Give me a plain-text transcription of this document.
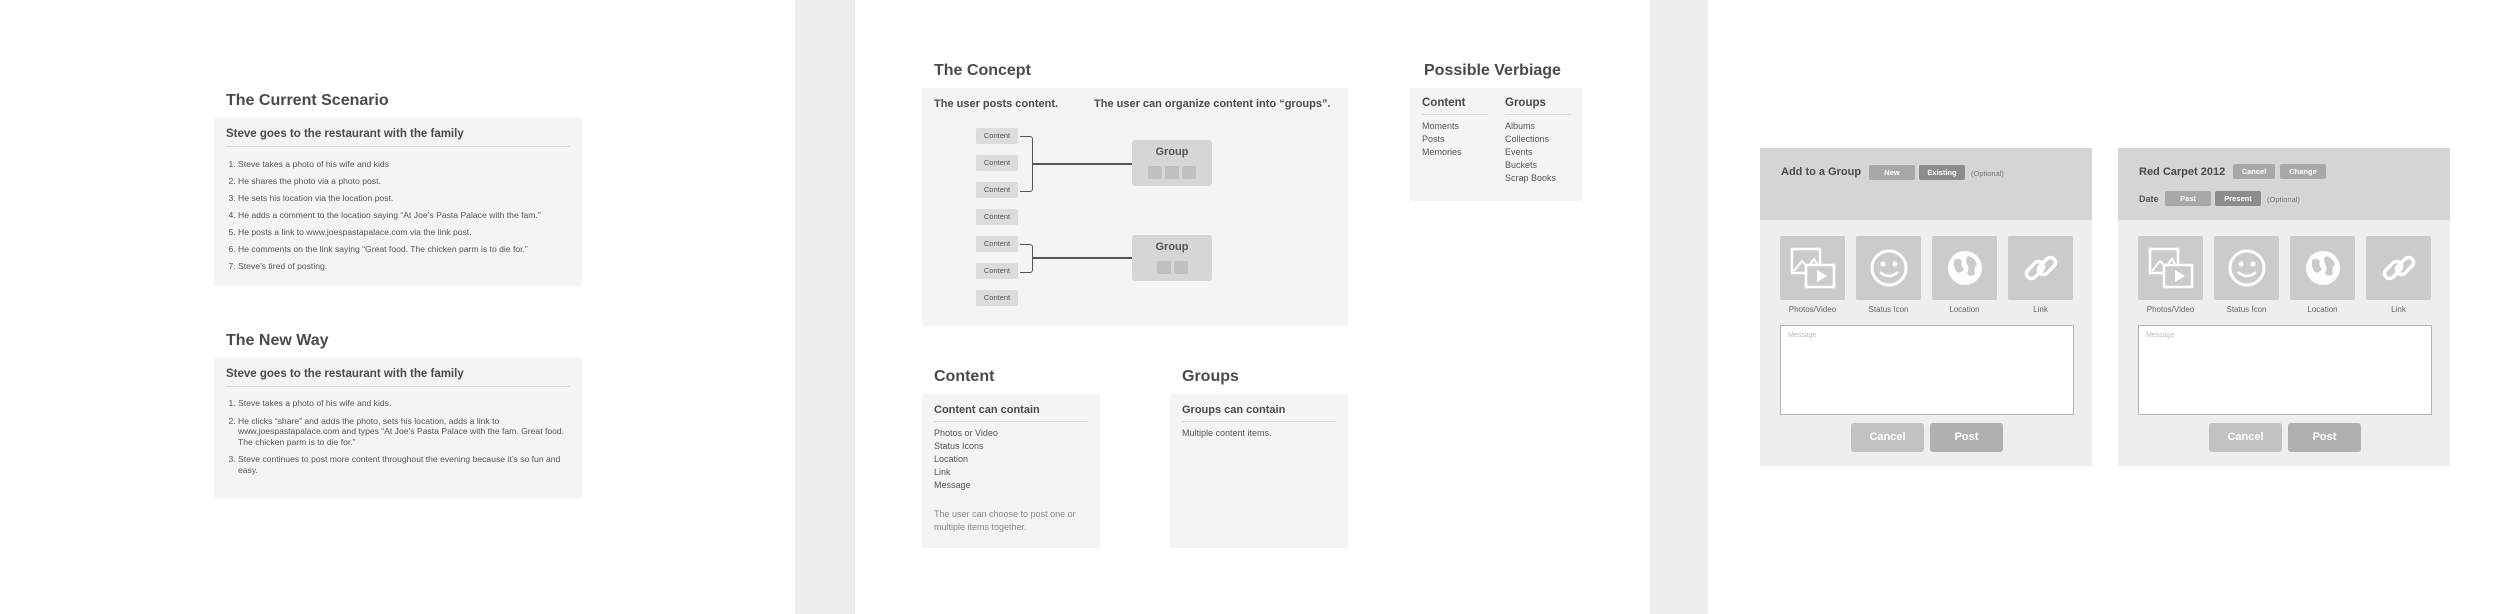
The Current Scenario
Steve goes to the restaurant with the family
1. Steve takes a photo of his wife and kids
2. He shares the photo via a photo post.
3. He sets his location via the location post.
4. He adds a comment to the location saying “At Joe’s Pasta Palace with the fam.”
5. He posts a link to www.joespastapalace.com via the link post.
6. He comments on the link saying “Great food. The chicken parm is to die for.”
7. Steve’s tired of posting.
The New Way
Steve goes to the restaurant with the family
1. Steve takes a photo of his wife and kids.
2. He clicks “share” and adds the photo, sets his location, adds a link to www.joespastapalace.com and types “At Joe’s Pasta Palace with the fam. Great food. The chicken parm is to die for.”
3. Steve continues to post more content throughout the evening because it’s so fun and easy.
The Concept
The user posts content.	The user can organize content into “groups”.
Content
Content
Content
Content
Content
Content
Content
Group
Group
Possible Verbiage
Content
Moments
Posts
Memories
Groups
Albums
Collections
Events
Buckets
Scrap Books
Content
Content can contain
Photos or Video
Status Icons
Location
Link
Message
The user can choose to post one or multiple items together.
Groups
Groups can contain
Multiple content items.
Add to a Group	New	Existing	(Optional)
Photos/Video	Status Icon	Location	Link
Message
Cancel	Post
Red Carpet 2012	Cancel	Change
Date	Past	Present	(Optional)
Photos/Video	Status Icon	Location	Link
Message
Cancel	Post
